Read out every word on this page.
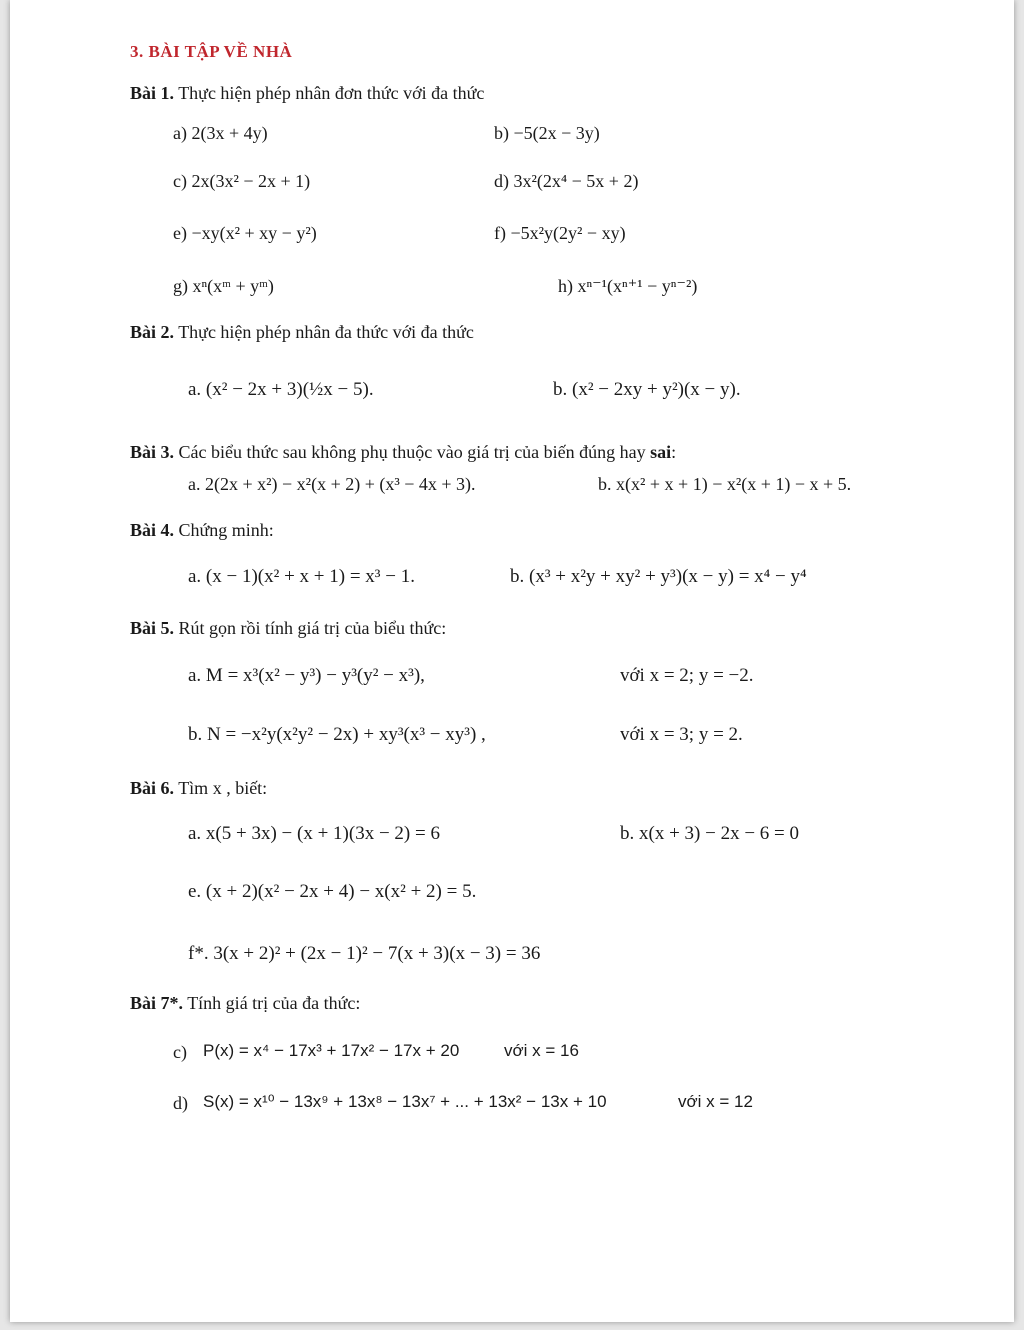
3. BÀI TẬP VỀ NHÀ
Bài 1. Thực hiện phép nhân đơn thức với đa thức
a) 2(3x + 4y)	b) −5(2x − 3y)
c) 2x(3x² − 2x + 1)	d) 3x²(2x⁴ − 5x + 2)
e) −xy(x² + xy − y²)	f) −5x²y(2y² − xy)
g) xⁿ(xᵐ + yᵐ)	h) xⁿ⁻¹(xⁿ⁺¹ − yⁿ⁻²)
Bài 2. Thực hiện phép nhân đa thức với đa thức
a. (x² − 2x + 3)(½x − 5).	b. (x² − 2xy + y²)(x − y).
Bài 3. Các biểu thức sau không phụ thuộc vào giá trị của biến đúng hay sai:
a. 2(2x + x²) − x²(x + 2) + (x³ − 4x + 3).	b. x(x² + x + 1) − x²(x + 1) − x + 5.
Bài 4. Chứng minh:
a. (x − 1)(x² + x + 1) = x³ − 1.	b. (x³ + x²y + xy² + y³)(x − y) = x⁴ − y⁴
Bài 5. Rút gọn rồi tính giá trị của biểu thức:
a. M = x³(x² − y³) − y³(y² − x³),	với x = 2; y = −2.
b. N = −x²y(x²y² − 2x) + xy³(x³ − xy³) ,	với x = 3; y = 2.
Bài 6. Tìm x , biết:
a. x(5 + 3x) − (x + 1)(3x − 2) = 6	b. x(x + 3) − 2x − 6 = 0
e. (x + 2)(x² − 2x + 4) − x(x² + 2) = 5.
f*. 3(x + 2)² + (2x − 1)² − 7(x + 3)(x − 3) = 36
Bài 7*. Tính giá trị của đa thức:
c) P(x) = x⁴ − 17x³ + 17x² − 17x + 20	với x = 16
d) S(x) = x¹⁰ − 13x⁹ + 13x⁸ − 13x⁷ + ... + 13x² − 13x + 10	với x = 12
